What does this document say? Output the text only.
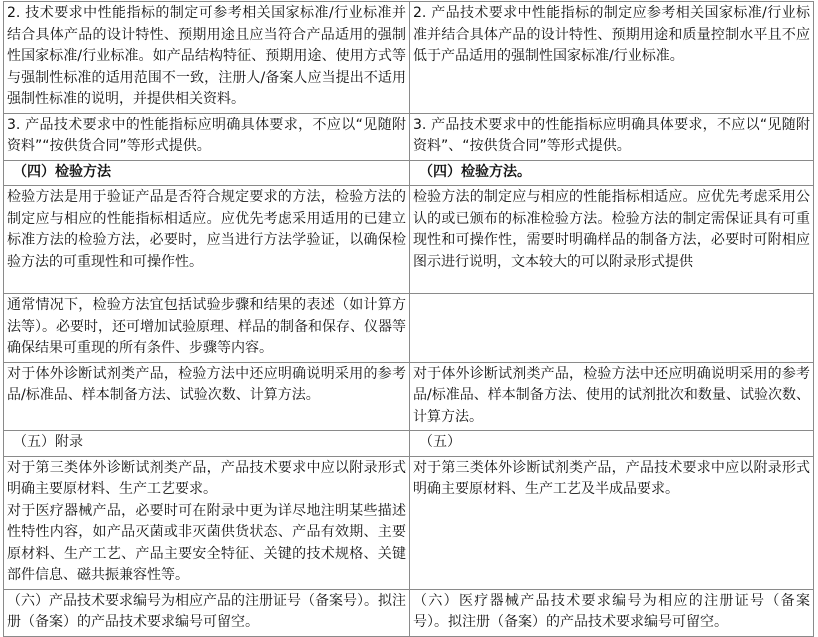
2. 技术要求中性能指标的制定可参考相关国家标准/行业标准并结合具体产品的设计特性、预期用途且应当符合产品适用的强制性国家标准/行业标准。如产品结构特征、预期用途、使用方式等与强制性标准的适用范围不一致，注册人/备案人应当提出不适用强制性标准的说明，并提供相关资料。	2. 产品技术要求中性能指标的制定应参考相关国家标准/行业标准并结合具体产品的设计特性、预期用途和质量控制水平且不应低于产品适用的强制性国家标准/行业标准。

3. 产品技术要求中的性能指标应明确具体要求，不应以“见随附资料”“按供货合同”等形式提供。	3. 产品技术要求中的性能指标应明确具体要求，不应以“见随附资料”、“按供货合同”等形式提供。

（四）检验方法	（四）检验方法。

检验方法是用于验证产品是否符合规定要求的方法，检验方法的制定应与相应的性能指标相适应。应优先考虑采用适用的已建立标准方法的检验方法，必要时，应当进行方法学验证，以确保检验方法的可重现性和可操作性。	检验方法的制定应与相应的性能指标相适应。应优先考虑采用公认的或已颁布的标准检验方法。检验方法的制定需保证具有可重现性和可操作性，需要时明确样品的制备方法，必要时可附相应图示进行说明，文本较大的可以附录形式提供

通常情况下，检验方法宜包括试验步骤和结果的表述（如计算方法等）。必要时，还可增加试验原理、样品的制备和保存、仪器等确保结果可重现的所有条件、步骤等内容。	

对于体外诊断试剂类产品，检验方法中还应明确说明采用的参考品/标准品、样本制备方法、试验次数、计算方法。	对于体外诊断试剂类产品，检验方法中还应明确说明采用的参考品/标准品、样本制备方法、使用的试剂批次和数量、试验次数、计算方法。

（五）附录	（五）

对于第三类体外诊断试剂类产品，产品技术要求中应以附录形式明确主要原材料、生产工艺要求。

对于医疗器械产品，必要时可在附录中更为详尽地注明某些描述性特性内容，如产品灭菌或非灭菌供货状态、产品有效期、主要原材料、生产工艺、产品主要安全特征、关键的技术规格、关键部件信息、磁共振兼容性等。	对于第三类体外诊断试剂类产品，产品技术要求中应以附录形式明确主要原材料、生产工艺及半成品要求。

（六）产品技术要求编号为相应产品的注册证号（备案号）。拟注册（备案）的产品技术要求编号可留空。	（六）医疗器械产品技术要求编号为相应的注册证号（备案号）。拟注册（备案）的产品技术要求编号可留空。
